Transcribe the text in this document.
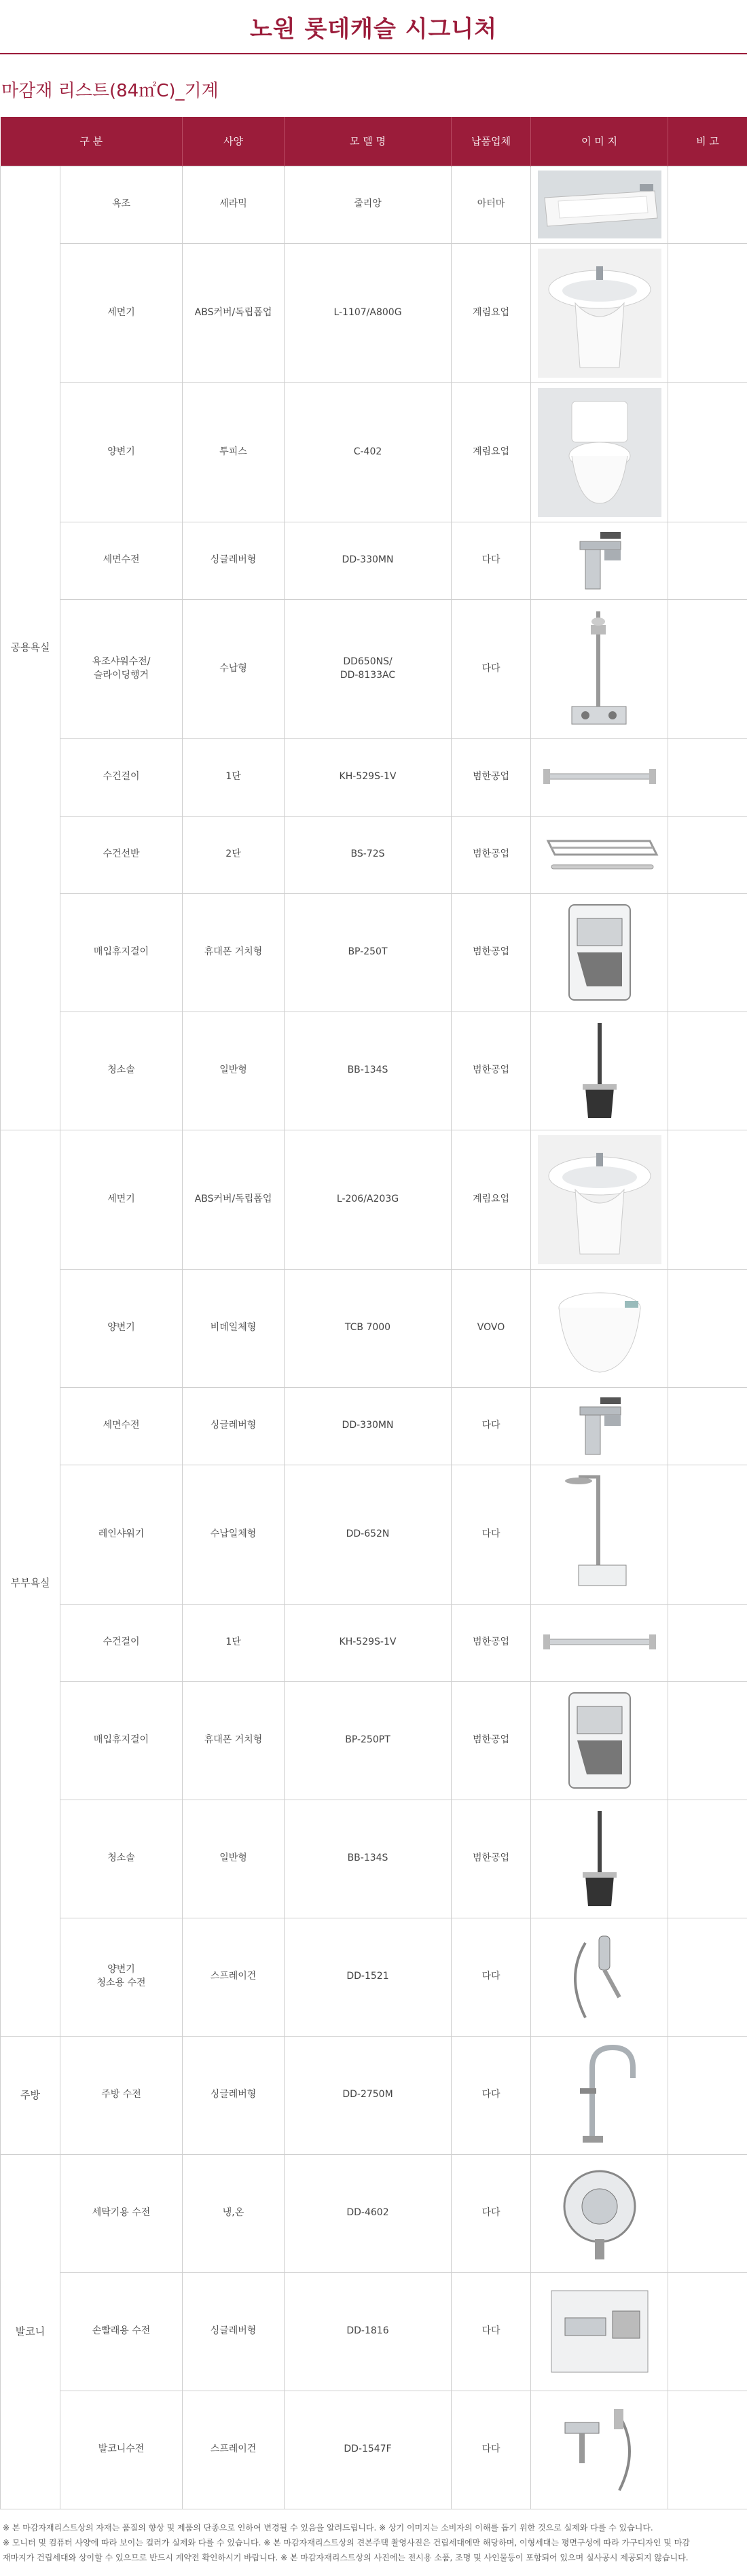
노원 롯데캐슬 시그니처
마감재 리스트(84㎡C)_기계
구 분		사양	모 델 명	납품업체	이 미 지	비 고
공용욕실	욕조	세라믹	줄리앙	아터마	

	세면기	ABS커버/독립폽업	L-1107/A800G	계림요업	

	양변기	투피스	C-402	계림요업	

	세면수전	싱글레버형	DD-330MN	다다	

	욕조샤워수전/
슬라이딩행거	수납형	DD650NS/
DD-8133AC	다다	

	수건걸이	1단	KH-529S-1V	범한공업	

	수건선반	2단	BS-72S	범한공업	

	매입휴지걸이	휴대폰 거치형	BP-250T	범한공업	

	청소솔	일반형	BB-134S	범한공업	

부부욕실	세면기	ABS커버/독립폽업	L-206/A203G	계림요업	

	양변기	비데일체형	TCB 7000	VOVO	

	세면수전	싱글레버형	DD-330MN	다다	

	레인샤워기	수납일체형	DD-652N	다다	

	수건걸이	1단	KH-529S-1V	범한공업	

	매입휴지걸이	휴대폰 거치형	BP-250PT	범한공업	

	청소솔	일반형	BB-134S	범한공업	

	양변기
청소용 수전	스프레이건	DD-1521	다다	

주방	주방 수전	싱글레버형	DD-2750M	다다	

발코니	세탁기용 수전	냉,온	DD-4602	다다	

	손빨래용 수전	싱글레버형	DD-1816	다다	

	발코니수전	스프레이건	DD-1547F	다다	

※ 본 마감자재리스트상의 자재는 품질의 향상 및 제품의 단종으로 인하여 변경될 수 있음을 알려드립니다. ※ 상기 이미지는 소비자의 이해를 돕기 위한 것으로 실제와 다를 수 있습니다.

※ 모니터 및 컴퓨터 사양에 따라 보이는 컬러가 실제와 다를 수 있습니다. ※ 본 마감자재리스트상의 견본주택 촬영사진은 건립세대에만 해당하며, 이형세대는 평면구성에 따라 가구디자인 및 마감

재마지가 건립세대와 상이할 수 있으므로 반드시 계약전 확인하시기 바랍니다. ※ 본 마감자재리스트상의 사진에는 전시용 소품, 조명 및 사인물등이 포함되어 있으며 실사공시 제공되지 않습니다.
